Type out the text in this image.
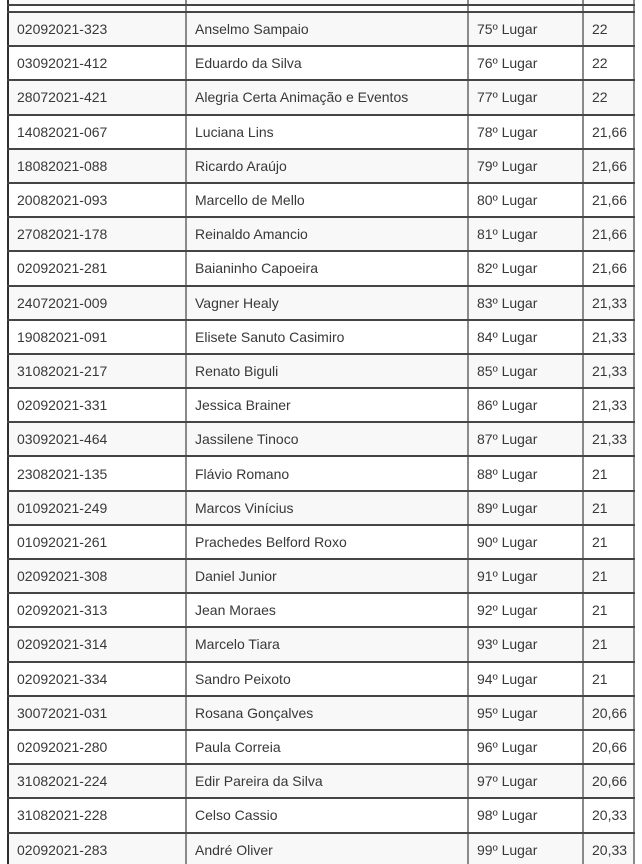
02092021-323	Anselmo Sampaio	75º Lugar	22
03092021-412	Eduardo da Silva	76º Lugar	22
28072021-421	Alegria Certa Animação e Eventos	77º Lugar	22
14082021-067	Luciana Lins	78º Lugar	21,66
18082021-088	Ricardo Araújo	79º Lugar	21,66
20082021-093	Marcello de Mello	80º Lugar	21,66
27082021-178	Reinaldo Amancio	81º Lugar	21,66
02092021-281	Baianinho Capoeira	82º Lugar	21,66
24072021-009	Vagner Healy	83º Lugar	21,33
19082021-091	Elisete Sanuto Casimiro	84º Lugar	21,33
31082021-217	Renato Biguli	85º Lugar	21,33
02092021-331	Jessica Brainer	86º Lugar	21,33
03092021-464	Jassilene Tinoco	87º Lugar	21,33
23082021-135	Flávio Romano	88º Lugar	21
01092021-249	Marcos Vinícius	89º Lugar	21
01092021-261	Prachedes Belford Roxo	90º Lugar	21
02092021-308	Daniel Junior	91º Lugar	21
02092021-313	Jean Moraes	92º Lugar	21
02092021-314	Marcelo Tiara	93º Lugar	21
02092021-334	Sandro Peixoto	94º Lugar	21
30072021-031	Rosana Gonçalves	95º Lugar	20,66
02092021-280	Paula Correia	96º Lugar	20,66
31082021-224	Edir Pareira da Silva	97º Lugar	20,66
31082021-228	Celso Cassio	98º Lugar	20,33
02092021-283	André Oliver	99º Lugar	20,33
